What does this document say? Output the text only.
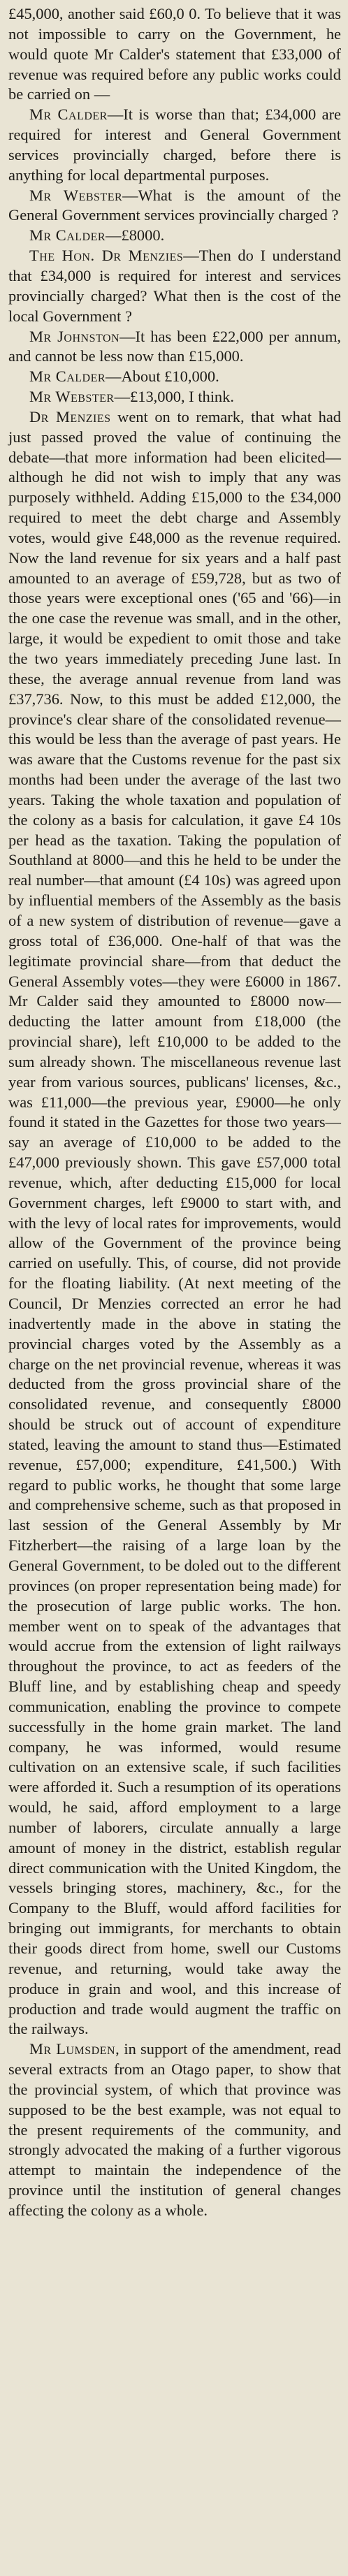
£45,000, another said £60,0 0. To believe that it was not impossible to carry on the Government, he would quote Mr Calder's statement that £33,000 of revenue was required before any public works could be carried on —

Mr Calder—It is worse than that; £34,000 are required for interest and General Government services provincially charged, before there is anything for local departmental purposes.

Mr Webster—What is the amount of the General Government services provincially charged ?

Mr Calder—£8000.

The Hon. Dr Menzies—Then do I understand that £34,000 is required for interest and services provincially charged? What then is the cost of the local Government ?

Mr Johnston—It has been £22,000 per annum, and cannot be less now than £15,000.

Mr Calder—About £10,000.

Mr Webster—£13,000, I think.

Dr Menzies went on to remark, that what had just passed proved the value of continuing the debate—that more information had been elicited—although he did not wish to imply that any was purposely withheld. Adding £15,000 to the £34,000 required to meet the debt charge and Assembly votes, would give £48,000 as the revenue required. Now the land revenue for six years and a half past amounted to an average of £59,728, but as two of those years were exceptional ones ('65 and '66)—in the one case the revenue was small, and in the other, large, it would be expedient to omit those and take the two years immediately preceding June last. In these, the average annual revenue from land was £37,736. Now, to this must be added £12,000, the province's clear share of the consolidated revenue—this would be less than the average of past years. He was aware that the Customs revenue for the past six months had been under the average of the last two years. Taking the whole taxation and population of the colony as a basis for calculation, it gave £4 10s per head as the taxation. Taking the population of Southland at 8000—and this he held to be under the real number—that amount (£4 10s) was agreed upon by influential members of the Assembly as the basis of a new system of distribution of revenue—gave a gross total of £36,000. One-half of that was the legitimate provincial share—from that deduct the General Assembly votes—they were £6000 in 1867. Mr Calder said they amounted to £8000 now—deducting the latter amount from £18,000 (the provincial share), left £10,000 to be added to the sum already shown. The miscellaneous revenue last year from various sources, publicans' licenses, &c., was £11,000—the previous year, £9000—he only found it stated in the Gazettes for those two years—say an average of £10,000 to be added to the £47,000 previously shown. This gave £57,000 total revenue, which, after deducting £15,000 for local Government charges, left £9000 to start with, and with the levy of local rates for improvements, would allow of the Government of the province being carried on usefully. This, of course, did not provide for the floating liability. (At next meeting of the Council, Dr Menzies corrected an error he had inadvertently made in the above in stating the provincial charges voted by the Assembly as a charge on the net provincial revenue, whereas it was deducted from the gross provincial share of the consolidated revenue, and consequently £8000 should be struck out of account of expenditure stated, leaving the amount to stand thus—Estimated revenue, £57,000; expenditure, £41,500.) With regard to public works, he thought that some large and comprehensive scheme, such as that proposed in last session of the General Assembly by Mr Fitzherbert—the raising of a large loan by the General Government, to be doled out to the different provinces (on proper representation being made) for the prosecution of large public works. The hon. member went on to speak of the advantages that would accrue from the extension of light railways throughout the province, to act as feeders of the Bluff line, and by establishing cheap and speedy communication, enabling the province to compete successfully in the home grain market. The land company, he was informed, would resume cultivation on an extensive scale, if such facilities were afforded it. Such a resumption of its operations would, he said, afford employment to a large number of laborers, circulate annually a large amount of money in the district, establish regular direct communication with the United Kingdom, the vessels bringing stores, machinery, &c., for the Company to the Bluff, would afford facilities for bringing out immigrants, for merchants to obtain their goods direct from home, swell our Customs revenue, and returning, would take away the produce in grain and wool, and this increase of production and trade would augment the traffic on the railways.

Mr Lumsden, in support of the amendment, read several extracts from an Otago paper, to show that the provincial system, of which that province was supposed to be the best example, was not equal to the present requirements of the community, and strongly advocated the making of a further vigorous attempt to maintain the independence of the province until the institution of general changes affecting the colony as a whole.
